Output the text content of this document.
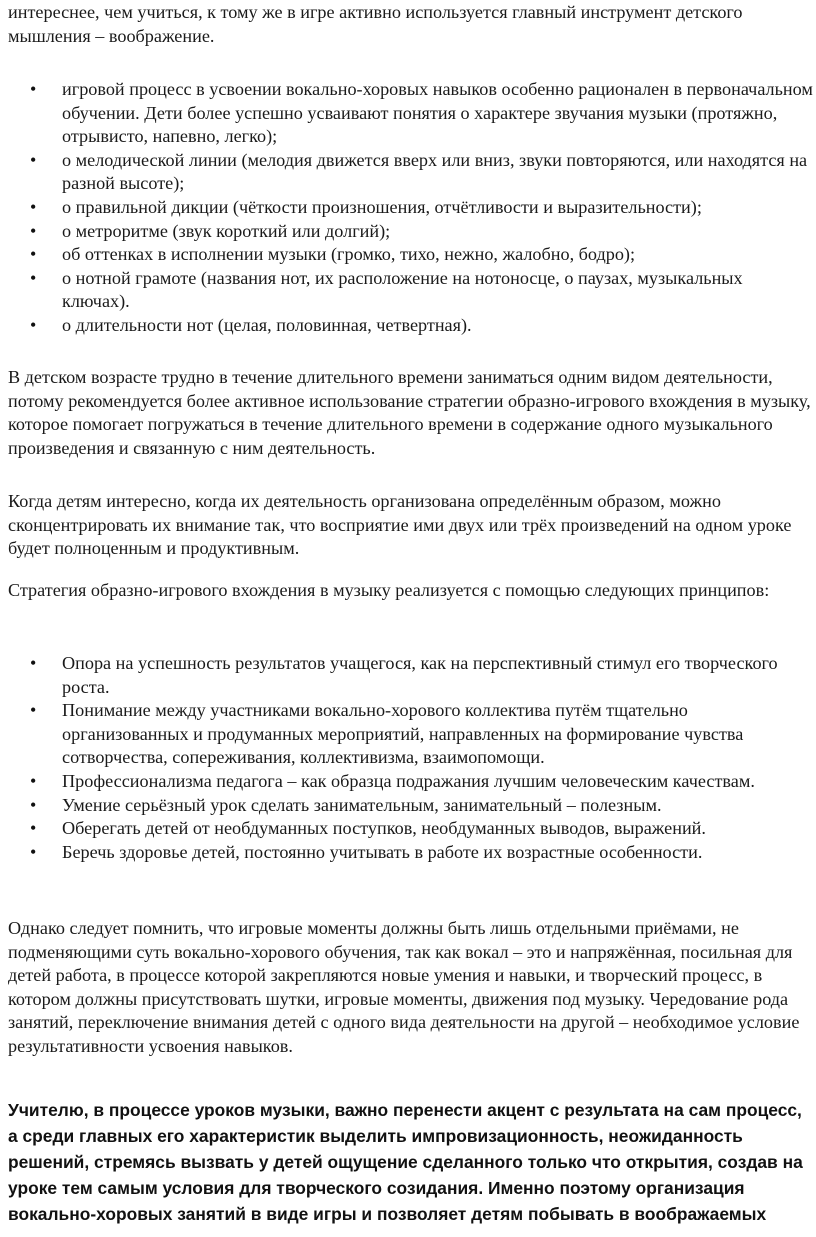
интереснее, чем учиться, к тому же в игре активно используется главный инструмент детского мышления – воображение.

• игровой процесс в усвоении вокально-хоровых навыков особенно рационален в первоначальном обучении. Дети более успешно усваивают понятия о характере звучания музыки (протяжно, отрывисто, напевно, легко);
• о мелодической линии (мелодия движется вверх или вниз, звуки повторяются, или находятся на разной высоте);
• о правильной дикции (чёткости произношения, отчётливости и выразительности);
• о метроритме (звук короткий или долгий);
• об оттенках в исполнении музыки (громко, тихо, нежно, жалобно, бодро);
• о нотной грамоте (названия нот, их расположение на нотоносце, о паузах, музыкальных ключах).
• о длительности нот (целая, половинная, четвертная).

В детском возрасте трудно в течение длительного времени заниматься одним видом деятельности, потому рекомендуется более активное использование стратегии образно-игрового вхождения в музыку, которое помогает погружаться в течение длительного времени в содержание одного музыкального произведения и связанную с ним деятельность.

Когда детям интересно, когда их деятельность организована определённым образом, можно сконцентрировать их внимание так, что восприятие ими двух или трёх произведений на одном уроке будет полноценным и продуктивным.

Стратегия образно-игрового вхождения в музыку реализуется с помощью следующих принципов:

• Опора на успешность результатов учащегося, как на перспективный стимул его творческого роста.
• Понимание между участниками вокально-хорового коллектива путём тщательно организованных и продуманных мероприятий, направленных на формирование чувства сотворчества, сопереживания, коллективизма, взаимопомощи.
• Профессионализма педагога – как образца подражания лучшим человеческим качествам.
• Умение серьёзный урок сделать занимательным, занимательный – полезным.
• Оберегать детей от необдуманных поступков, необдуманных выводов, выражений.
• Беречь здоровье детей, постоянно учитывать в работе их возрастные особенности.

Однако следует помнить, что игровые моменты должны быть лишь отдельными приёмами, не подменяющими суть вокально-хорового обучения, так как вокал – это и напряжённая, посильная для детей работа, в процессе которой закрепляются новые умения и навыки, и творческий процесс, в котором должны присутствовать шутки, игровые моменты, движения под музыку. Чередование рода занятий, переключение внимания детей с одного вида деятельности на другой – необходимое условие результативности усвоения навыков.

Учителю, в процессе уроков музыки, важно перенести акцент с результата на сам процесс, а среди главных его характеристик выделить импровизационность, неожиданность решений, стремясь вызвать у детей ощущение сделанного только что открытия, создав на уроке тем самым условия для творческого созидания. Именно поэтому организация вокально-хоровых занятий в виде игры и позволяет детям побывать в воображаемых
